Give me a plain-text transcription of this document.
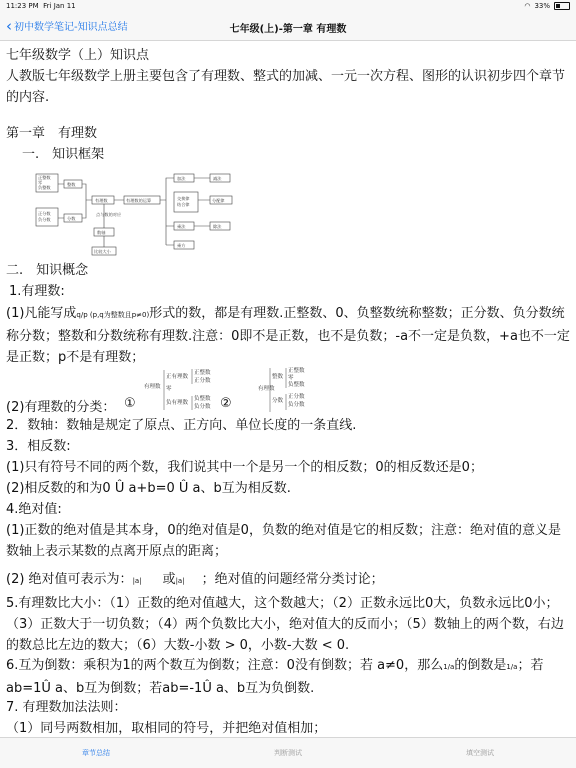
11:23 PM Fri Jan 11	◠ 33%
‹ 初中数学笔记-知识点总结	七年级(上)-第一章 有理数

七年级数学（上）知识点

人教版七年级数学上册主要包含了有理数、整式的加减、一元一次方程、图形的认识初步四个章节的内容.

第一章　有理数

一.　知识框架

正整数
零
负整数
正分数
负分数
整数
分数
有理数	有理数的运算
点与数的对应
数轴
比较大小
加法	减法
交换律
结合律
分配律
乘法	除法
乘方

二.　知识概念

1.有理数:

(1)凡能写成q/p (p,q为整数且p≠0)形式的数，都是有理数.正整数、0、负整数统称整数；正分数、负分数统称分数；整数和分数统称有理数.注意：0即不是正数，也不是负数；-a不一定是负数，+a也不一定是正数；p不是有理数；

(2)有理数的分类： ①
有理数
正有理数
正整数
正分数
零
负有理数
负整数
负分数 ②
有理数
整数
正整数
零
负整数
分数
正分数
负分数

2．数轴：数轴是规定了原点、正方向、单位长度的一条直线.

3．相反数:

(1)只有符号不同的两个数，我们说其中一个是另一个的相反数；0的相反数还是0；

(2)相反数的和为0 Û a+b=0 Û a、b互为相反数.

4.绝对值:

(1)正数的绝对值是其本身，0的绝对值是0，负数的绝对值是它的相反数；注意：绝对值的意义是数轴上表示某数的点离开原点的距离；

(2) 绝对值可表示为：|a| 或|a| ；绝对值的问题经常分类讨论；

5.有理数比大小：（1）正数的绝对值越大，这个数越大；（2）正数永远比0大，负数永远比0小；（3）正数大于一切负数；（4）两个负数比大小，绝对值大的反而小；（5）数轴上的两个数，右边的数总比左边的数大；（6）大数-小数 > 0，小数-大数 < 0.

6.互为倒数：乘积为1的两个数互为倒数；注意：0没有倒数；若 a≠0，那么1/a的倒数是1/a；若ab=1Û a、b互为倒数；若ab=-1Û a、b互为负倒数.

7. 有理数加法法则：

（1）同号两数相加，取相同的符号，并把绝对值相加；

章节总结	判断测试	填空测试
